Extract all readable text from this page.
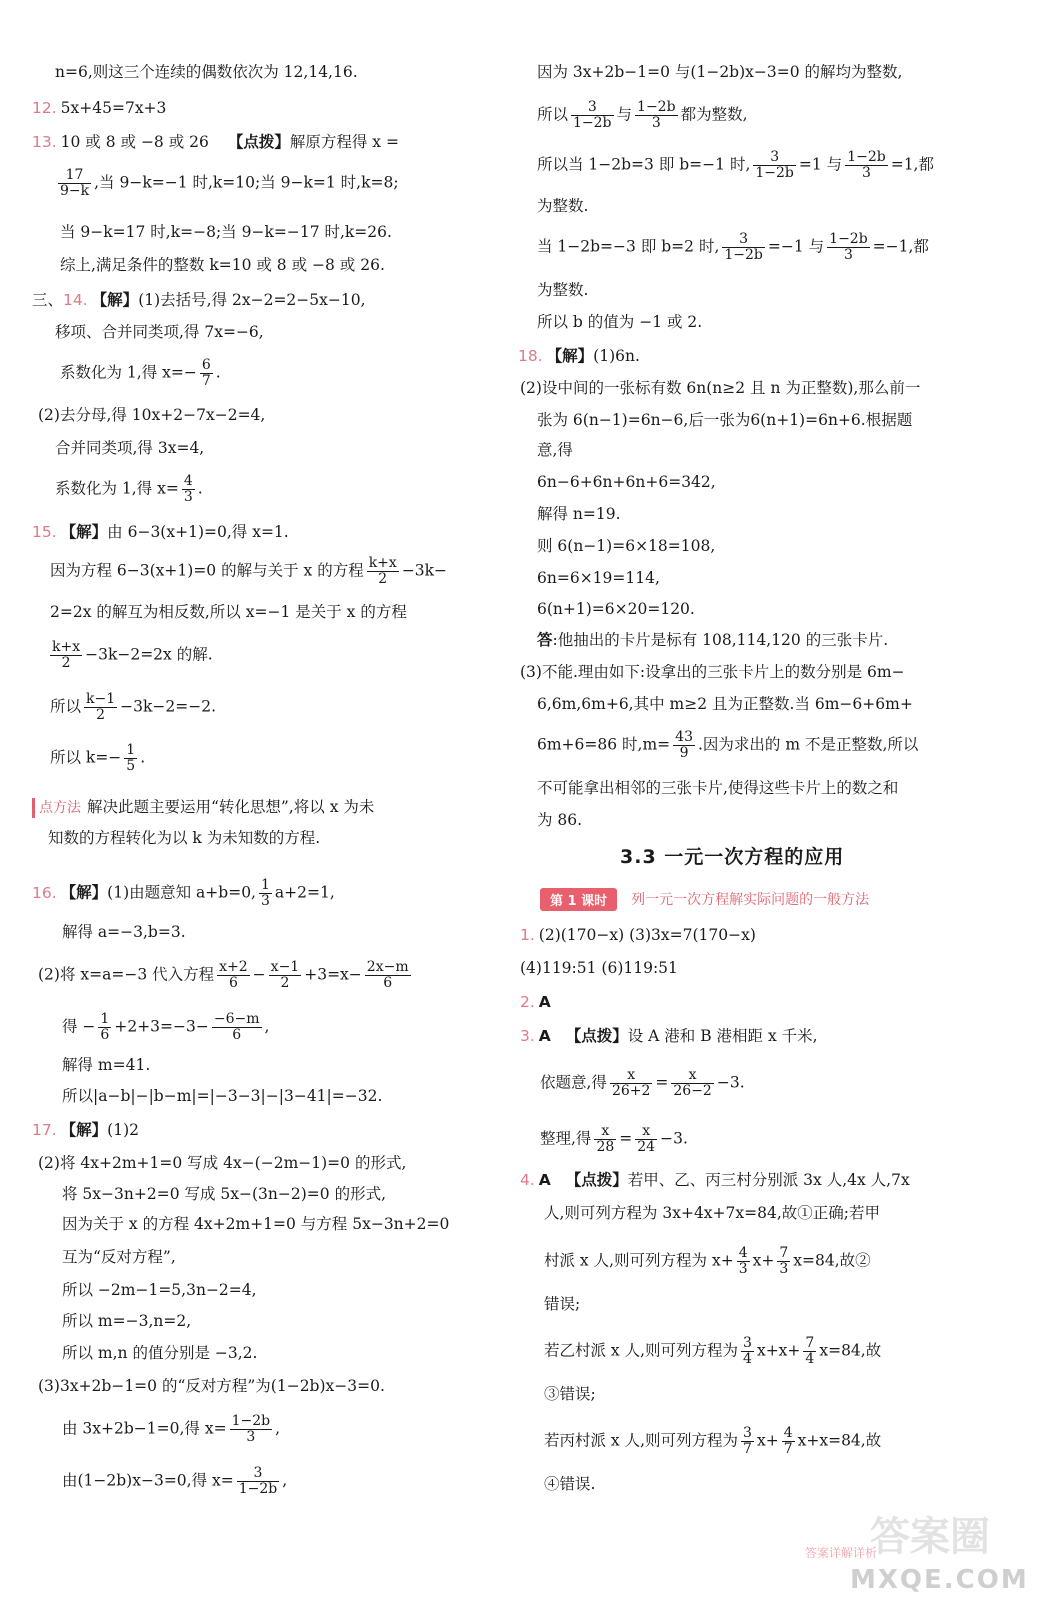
n=6,则这三个连续的偶数依次为 12,14,16.
12. 5x+45=7x+3
13. 10 或 8 或 −8 或 26 【点拨】解原方程得 x =
$\frac{17}{9-k}$ ,当 9−k=−1 时,k=10;当 9−k=1 时,k=8;
当 9−k=17 时,k=−8;当 9−k=−17 时,k=26.
综上,满足条件的整数 k=10 或 8 或 −8 或 26.
三、14. 【解】(1)去括号,得 2x−2=2−5x−10,
移项、合并同类项,得 7x=−6,
系数化为 1,得 $x=- \frac{6}{7}$ .
(2)去分母,得 10x+2−7x−2=4,
合并同类项,得 3x=4,
系数化为 1,得 $x= \frac{4}{3}$ .
15. 【解】由 6−3(x+1)=0,得 x=1.
因为方程 6−3(x+1)=0 的解与关于 x 的方程 $\frac{k+x}{2} -3k-$
2=2x 的解互为相反数,所以 x=−1 是关于 x 的方程
$\frac{k+x}{2} -3k-2=2x$ 的解.
所以 $\frac{k-1}{2} -3k-2=-2$.
所以 $k=- \frac{1}{5}$ .
点方法 解决此题主要运用“转化思想”,将以 x 为未
知数的方程转化为以 k 为未知数的方程.
16. 【解】(1)由题意知 a+b=0, $\frac{1}{3} a+2=1$,
解得 a=−3,b=3.
(2)将 x=a=−3 代入方程 $\frac{x+2}{6} - \frac{x-1}{2} +3=x- \frac{2x-m}{6}$
得 − $\frac{1}{6} +2+3=-3- \frac{-6-m}{6}$ ,
解得 m=41.
所以|a−b|−|b−m|=|−3−3|−|3−41|=−32.
17. 【解】(1)2
(2)将 4x+2m+1=0 写成 4x−(−2m−1)=0 的形式,
将 5x−3n+2=0 写成 5x−(3n−2)=0 的形式,
因为关于 x 的方程 4x+2m+1=0 与方程 5x−3n+2=0
互为“反对方程”,
所以 −2m−1=5,3n−2=4,
所以 m=−3,n=2,
所以 m,n 的值分别是 −3,2.
(3)3x+2b−1=0 的“反对方程”为(1−2b)x−3=0.
由 3x+2b−1=0,得 $x= \frac{1-2b}{3}$ ,
由(1−2b)x−3=0,得 $x= \frac{3}{1-2b}$ ,
因为 3x+2b−1=0 与(1−2b)x−3=0 的解均为整数,
所以 $\frac{3}{1-2b}$ 与 $\frac{1-2b}{3}$ 都为整数,
所以当 1−2b=3 即 b=−1 时, $\frac{3}{1-2b} =1$ 与 $\frac{1-2b}{3} =1$,都
为整数.
当 1−2b=−3 即 b=2 时, $\frac{3}{1-2b} =-1$ 与 $\frac{1-2b}{3} =-1$,都
为整数.
所以 b 的值为 −1 或 2.
18. 【解】(1)6n.
(2)设中间的一张标有数 6n(n≥2 且 n 为正整数),那么前一
张为 6(n−1)=6n−6,后一张为6(n+1)=6n+6.根据题
意,得
6n−6+6n+6n+6=342,
解得 n=19.
则 6(n−1)=6×18=108,
6n=6×19=114,
6(n+1)=6×20=120.
答:他抽出的卡片是标有 108,114,120 的三张卡片.
(3)不能.理由如下:设拿出的三张卡片上的数分别是 6m−
6,6m,6m+6,其中 m≥2 且为正整数.当 6m−6+6m+
6m+6=86 时$,m= \frac{43}{9}$ .因为求出的 m 不是正整数,所以
不可能拿出相邻的三张卡片,使得这些卡片上的数之和
为 86.
3.3 一元一次方程的应用
第 1 课时	列一元一次方程解实际问题的一般方法
1. (2)(170−x) (3)3x=7(170−x)
(4)119:51 (6)119:51
2. A
3. A 【点拨】设 A 港和 B 港相距 x 千米,
依题意,得 $\frac{x}{26+2} = \frac{x}{26-2} -3$.
整理,得 $\frac{x}{28} = \frac{x}{24} -3$.
4. A 【点拨】若甲、乙、丙三村分别派 3x 人,4x 人,7x
人,则可列方程为 3x+4x+7x=84,故①正确;若甲
村派 x 人,则可列方程为 $x+ \frac{4}{3} x+ \frac{7}{3} x=84$,故②
错误;
若乙村派 x 人,则可列方程为 $\frac{3}{4} x+x+ \frac{7}{4} x=84$,故
③错误;
若丙村派 x 人,则可列方程为 $\frac{3}{7} x+ \frac{4}{7} x+x=84$,故
④错误.
答案详解详析
答案圈
MXQE.COM
